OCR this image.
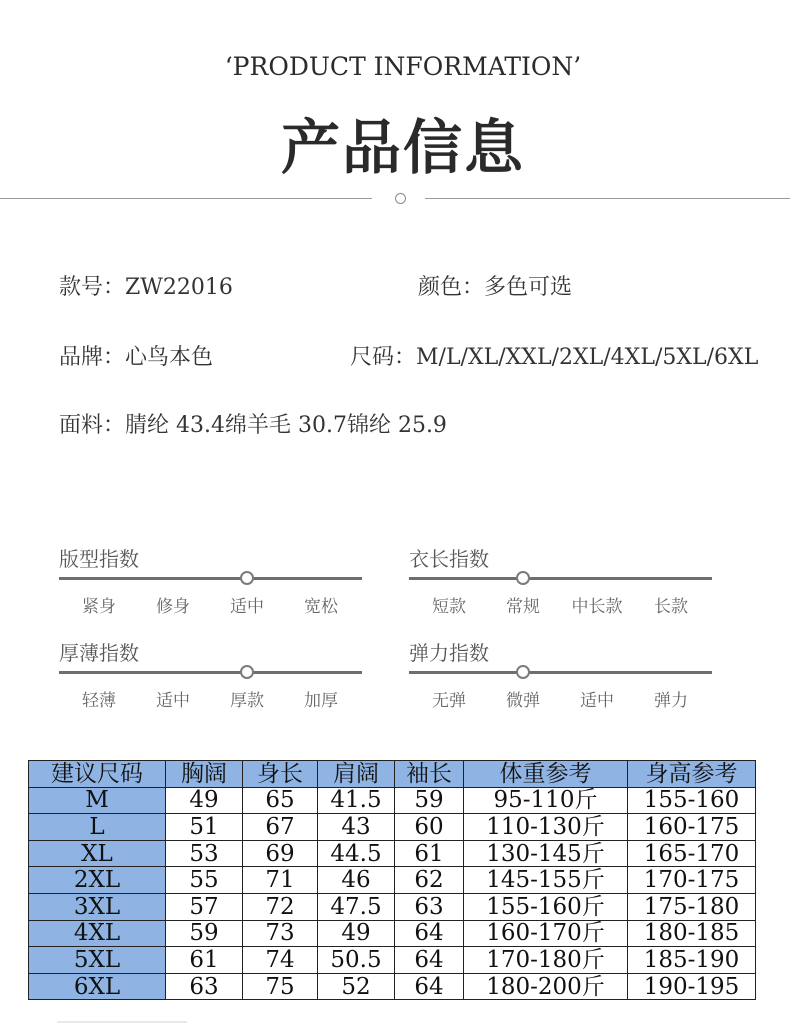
‘PRODUCT INFORMATION’
产品信息
款号：ZW22016	颜色：多色可选
品牌：心鸟本色	尺码：M/L/XL/XXL/2XL/4XL/5XL/6XL
面料：腈纶 43.4绵羊毛 30.7锦纶 25.9
版型指数
紧身	修身	适中	宽松
衣长指数
短款	常规	中长款	长款
厚薄指数
轻薄	适中	厚款	加厚
弹力指数
无弹	微弹	适中	弹力
建议尺码	胸阔	身长	肩阔	袖长	体重参考	身高参考
M	49	65	41.5	59	95-110斤	155-160
L	51	67	43	60	110-130斤	160-175
XL	53	69	44.5	61	130-145斤	165-170
2XL	55	71	46	62	145-155斤	170-175
3XL	57	72	47.5	63	155-160斤	175-180
4XL	59	73	49	64	160-170斤	180-185
5XL	61	74	50.5	64	170-180斤	185-190
6XL	63	75	52	64	180-200斤	190-195
